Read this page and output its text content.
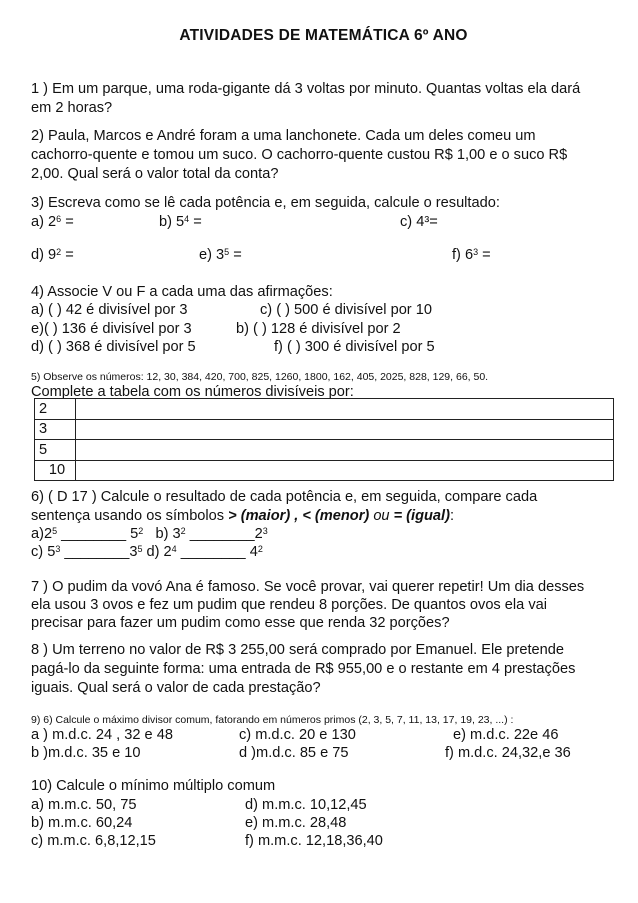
ATIVIDADES DE MATEMÁTICA 6º ANO
1 ) Em um parque, uma roda-gigante dá 3 voltas por minuto. Quantas voltas ela dará
em 2 horas?
2) Paula, Marcos e André foram a uma lanchonete. Cada um deles comeu um
cachorro-quente e tomou um suco. O cachorro-quente custou R$ 1,00 e o suco R$
2,00. Qual será o valor total da conta?
3) Escreva como se lê cada potência e, em seguida, calcule o resultado:
a) $2^6$ =	b) $5^4$ =	c) 4³=
d) $9^2$ =	e) $3^5$ =	f) $6^3$ =
4) Associe V ou F a cada uma das afirmações:
a) ( ) 42 é divisível por 3	c) ( ) 500 é divisível por 10
e)( ) 136 é divisível por 3	b) ( ) 128 é divisível por 2
d) ( ) 368 é divisível por 5	f) ( ) 300 é divisível por 5
5) Observe os números: 12, 30, 384, 420, 700, 825, 1260, 1800, 162, 405, 2025, 828, 129, 66, 50.
Complete a tabela com os números divisíveis por:
2	
3	
5	
10	
6) ( D 17 ) Calcule o resultado de cada potência e, em seguida, compare cada
sentença usando os símbolos > (maior) , < (menor) ou = (igual):
$a)2^5$ ________ $5^2$ b) $3^2$ $\_\_\_\_\_\_\_\_2^3$
c) $5^3$ $\_\_\_\_\_\_\_\_3^5$ d) $2^4$ ________ $4^2$
7 ) O pudim da vovó Ana é famoso. Se você provar, vai querer repetir! Um dia desses
ela usou 3 ovos e fez um pudim que rendeu 8 porções. De quantos ovos ela vai
precisar para fazer um pudim como esse que renda 32 porções?
8 ) Um terreno no valor de R$ 3 255,00 será comprado por Emanuel. Ele pretende
pagá-lo da seguinte forma: uma entrada de R$ 955,00 e o restante em 4 prestações
iguais. Qual será o valor de cada prestação?
9) 6) Calcule o máximo divisor comum, fatorando em números primos (2, 3, 5, 7, 11, 13, 17, 19, 23, ...) :
a ) m.d.c. 24 , 32 e 48	c) m.d.c. 20 e 130	e) m.d.c. 22e 46
b )m.d.c. 35 e 10	d )m.d.c. 85 e 75	f) m.d.c. 24,32,e 36
10) Calcule o mínimo múltiplo comum
a) m.m.c. 50, 75	d) m.m.c. 10,12,45
b) m.m.c. 60,24	e) m.m.c. 28,48
c) m.m.c. 6,8,12,15	f) m.m.c. 12,18,36,40
